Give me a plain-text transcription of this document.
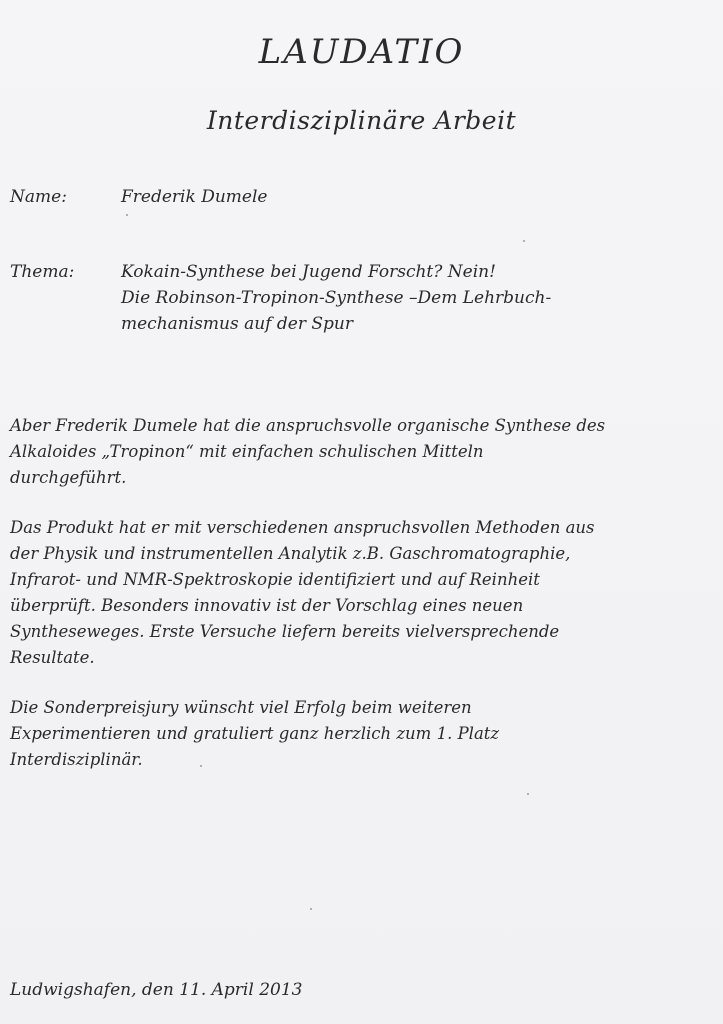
LAUDATIO
Interdisziplinäre Arbeit
Name:	Frederik Dumele
Thema:	Kokain-Synthese bei Jugend Forscht? Nein!
Die Robinson-Tropinon-Synthese –Dem Lehrbuch-
mechanismus auf der Spur
Aber Frederik Dumele hat die anspruchsvolle organische Synthese des
Alkaloides „Tropinon“ mit einfachen schulischen Mitteln
durchgeführt.
Das Produkt hat er mit verschiedenen anspruchsvollen Methoden aus
der Physik und instrumentellen Analytik z.B. Gaschromatographie,
Infrarot- und NMR-Spektroskopie identifiziert und auf Reinheit
überprüft. Besonders innovativ ist der Vorschlag eines neuen
Syntheseweges. Erste Versuche liefern bereits vielversprechende
Resultate.
Die Sonderpreisjury wünscht viel Erfolg beim weiteren
Experimentieren und gratuliert ganz herzlich zum 1. Platz
Interdisziplinär.
Ludwigshafen, den 11. April 2013
